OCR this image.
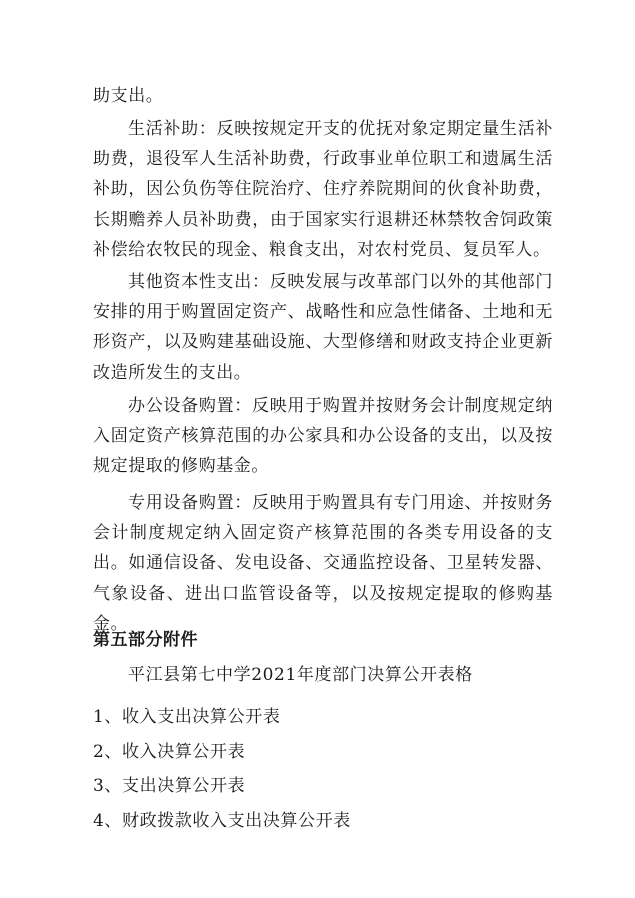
助支出。

生活补助：反映按规定开支的优抚对象定期定量生活补助费，退役军人生活补助费，行政事业单位职工和遗属生活补助，因公负伤等住院治疗、住疗养院期间的伙食补助费，长期赡养人员补助费，由于国家实行退耕还林禁牧舍饲政策补偿给农牧民的现金、粮食支出，对农村党员、复员军人。

其他资本性支出：反映发展与改革部门以外的其他部门安排的用于购置固定资产、战略性和应急性储备、土地和无形资产，以及购建基础设施、大型修缮和财政支持企业更新改造所发生的支出。

办公设备购置：反映用于购置并按财务会计制度规定纳入固定资产核算范围的办公家具和办公设备的支出，以及按规定提取的修购基金。

专用设备购置：反映用于购置具有专门用途、并按财务会计制度规定纳入固定资产核算范围的各类专用设备的支出。如通信设备、发电设备、交通监控设备、卫星转发器、气象设备、进出口监管设备等，以及按规定提取的修购基金。

第五部分附件

平江县第七中学2021年度部门决算公开表格

1、收入支出决算公开表
2、收入决算公开表
3、支出决算公开表
4、财政拨款收入支出决算公开表
